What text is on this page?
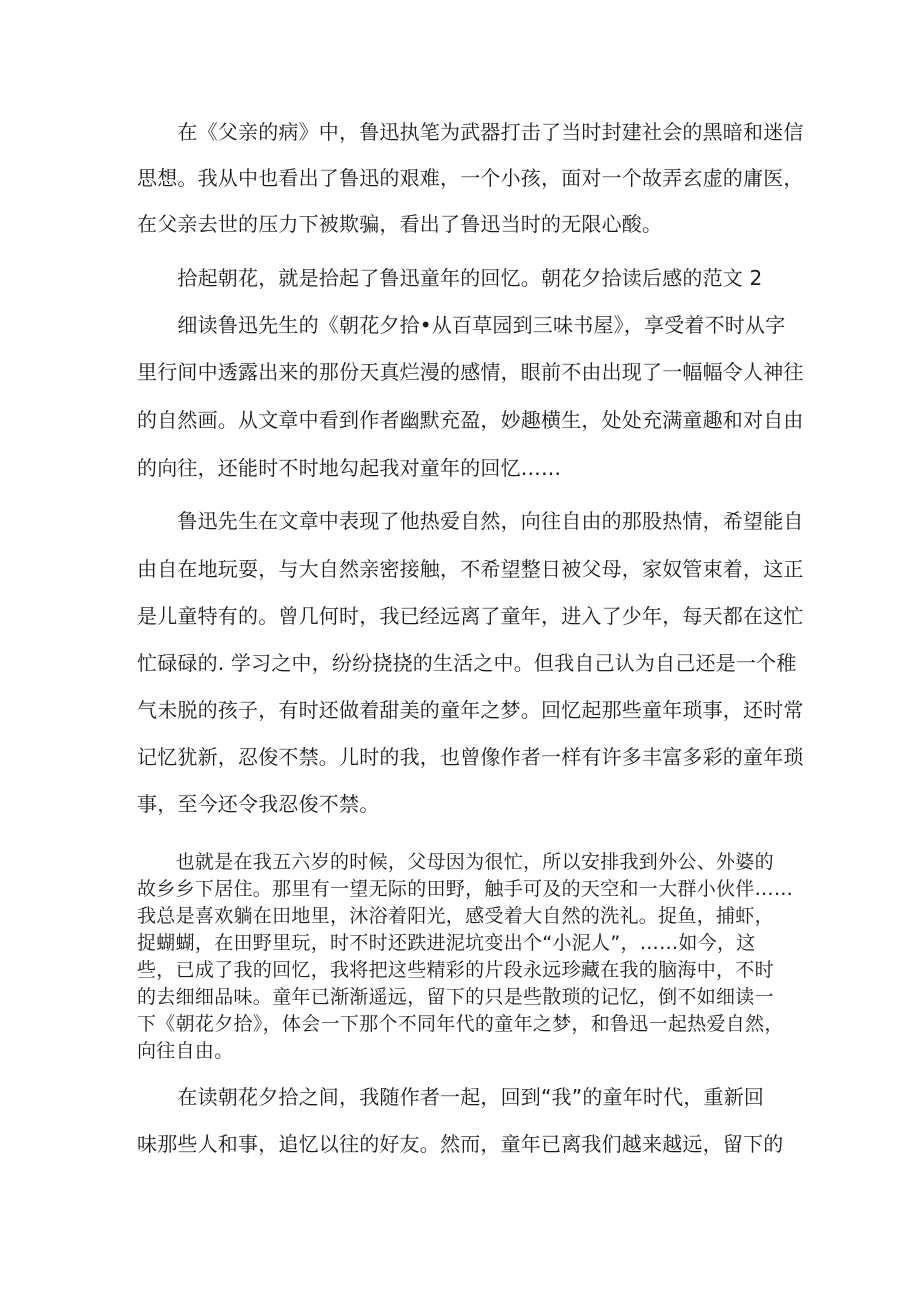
　　在《父亲的病》中，鲁迅执笔为武器打击了当时封建社会的黑暗和迷信
思想。我从中也看出了鲁迅的艰难，一个小孩，面对一个故弄玄虚的庸医，
在父亲去世的压力下被欺骗，看出了鲁迅当时的无限心酸。
　　拾起朝花，就是拾起了鲁迅童年的回忆。朝花夕拾读后感的范文 2
　　细读鲁迅先生的《朝花夕拾•从百草园到三味书屋》，享受着不时从字
里行间中透露出来的那份天真烂漫的感情，眼前不由出现了一幅幅令人神往
的自然画。从文章中看到作者幽默充盈，妙趣横生，处处充满童趣和对自由
的向往，还能时不时地勾起我对童年的回忆……
　　鲁迅先生在文章中表现了他热爱自然，向往自由的那股热情，希望能自
由自在地玩耍，与大自然亲密接触，不希望整日被父母，家奴管束着，这正
是儿童特有的。曾几何时，我已经远离了童年，进入了少年，每天都在这忙
忙碌碌的. 学习之中，纷纷挠挠的生活之中。但我自己认为自己还是一个稚
气未脱的孩子，有时还做着甜美的童年之梦。回忆起那些童年琐事，还时常
记忆犹新，忍俊不禁。儿时的我，也曾像作者一样有许多丰富多彩的童年琐
事，至今还令我忍俊不禁。
　　也就是在我五六岁的时候，父母因为很忙，所以安排我到外公、外婆的
故乡乡下居住。那里有一望无际的田野，触手可及的天空和一大群小伙伴……
我总是喜欢躺在田地里，沐浴着阳光，感受着大自然的洗礼。捉鱼，捕虾，
捉蝴蝴，在田野里玩，时不时还跌进泥坑变出个“小泥人”，……如今，这
些，已成了我的回忆，我将把这些精彩的片段永远珍藏在我的脑海中，不时
的去细细品味。童年已渐渐遥远，留下的只是些散琐的记忆，倒不如细读一
下《朝花夕拾》，体会一下那个不同年代的童年之梦，和鲁迅一起热爱自然，
向往自由。
　　在读朝花夕拾之间，我随作者一起，回到“我”的童年时代，重新回
味那些人和事，追忆以往的好友。然而，童年已离我们越来越远，留下的
